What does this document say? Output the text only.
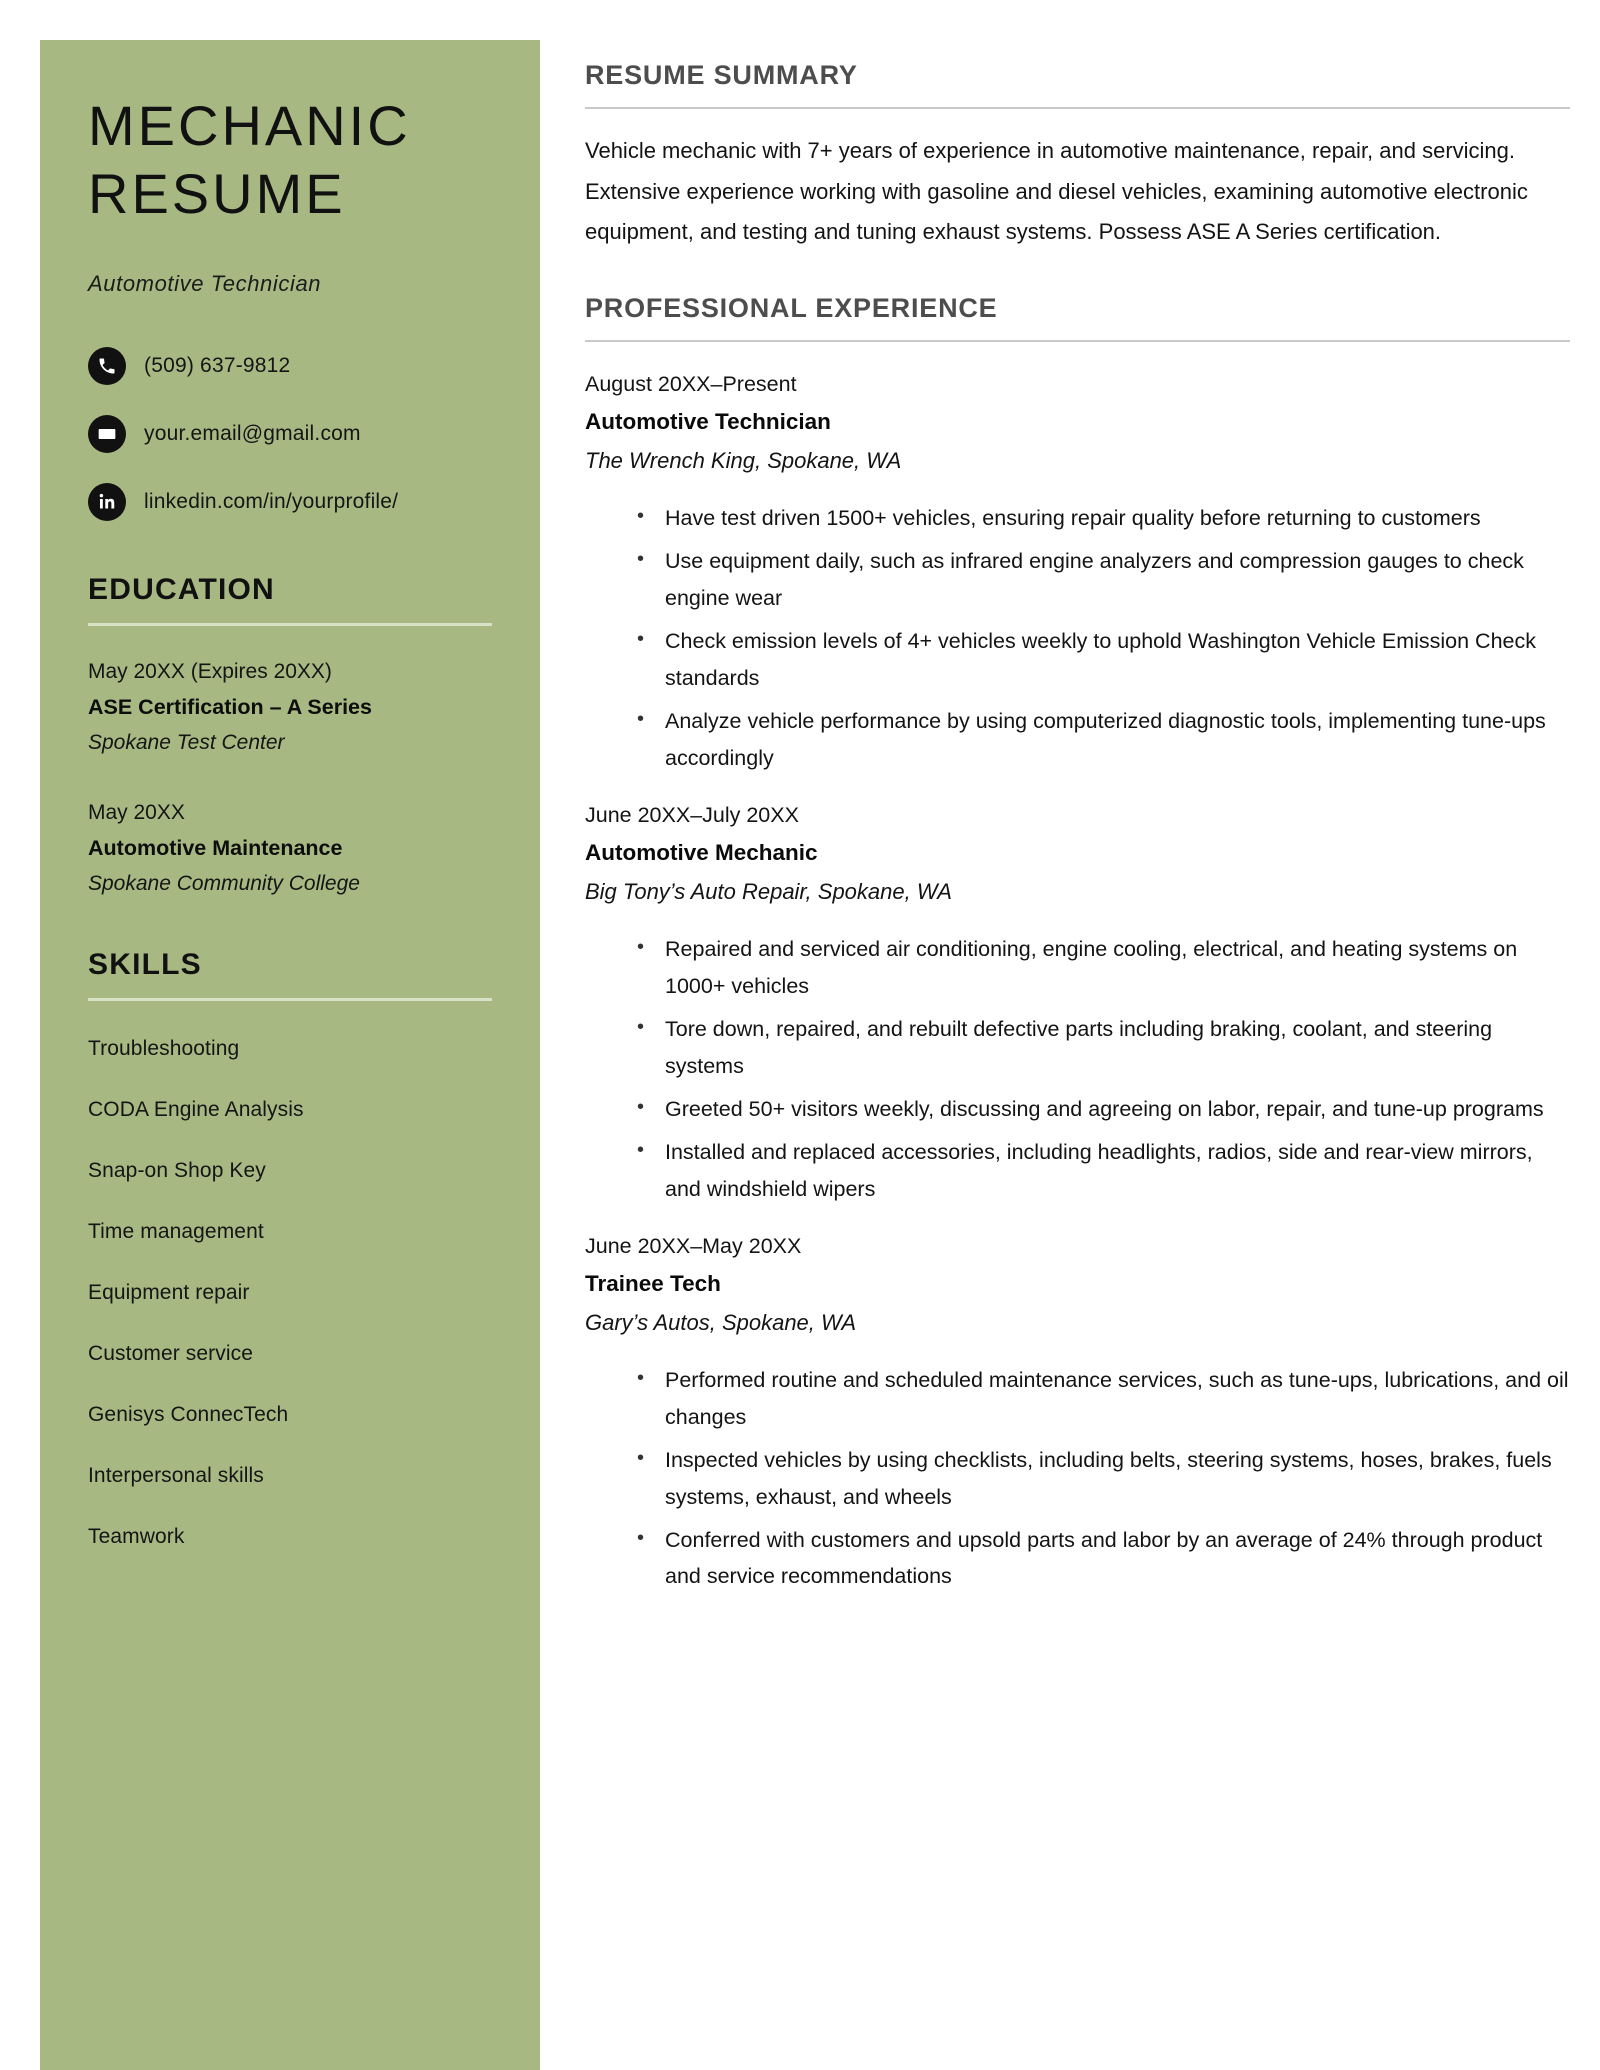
MECHANIC RESUME
Automotive Technician
(509) 637-9812
your.email@gmail.com
linkedin.com/in/yourprofile/
EDUCATION
May 20XX (Expires 20XX)
ASE Certification – A Series
Spokane Test Center
May 20XX
Automotive Maintenance
Spokane Community College
SKILLS
Troubleshooting
CODA Engine Analysis
Snap-on Shop Key
Time management
Equipment repair
Customer service
Genisys ConnecTech
Interpersonal skills
Teamwork
RESUME SUMMARY

Vehicle mechanic with 7+ years of experience in automotive maintenance, repair, and servicing. Extensive experience working with gasoline and diesel vehicles, examining automotive electronic equipment, and testing and tuning exhaust systems. Possess ASE A Series certification.

PROFESSIONAL EXPERIENCE
August 20XX–Present
Automotive Technician
The Wrench King, Spokane, WA
• Have test driven 1500+ vehicles, ensuring repair quality before returning to customers
• Use equipment daily, such as infrared engine analyzers and compression gauges to check engine wear
• Check emission levels of 4+ vehicles weekly to uphold Washington Vehicle Emission Check standards
• Analyze vehicle performance by using computerized diagnostic tools, implementing tune-ups accordingly
June 20XX–July 20XX
Automotive Mechanic
Big Tony’s Auto Repair, Spokane, WA
• Repaired and serviced air conditioning, engine cooling, electrical, and heating systems on 1000+ vehicles
• Tore down, repaired, and rebuilt defective parts including braking, coolant, and steering systems
• Greeted 50+ visitors weekly, discussing and agreeing on labor, repair, and tune-up programs
• Installed and replaced accessories, including headlights, radios, side and rear-view mirrors, and windshield wipers
June 20XX–May 20XX
Trainee Tech
Gary’s Autos, Spokane, WA
• Performed routine and scheduled maintenance services, such as tune-ups, lubrications, and oil changes
• Inspected vehicles by using checklists, including belts, steering systems, hoses, brakes, fuels systems, exhaust, and wheels
• Conferred with customers and upsold parts and labor by an average of 24% through product and service recommendations
